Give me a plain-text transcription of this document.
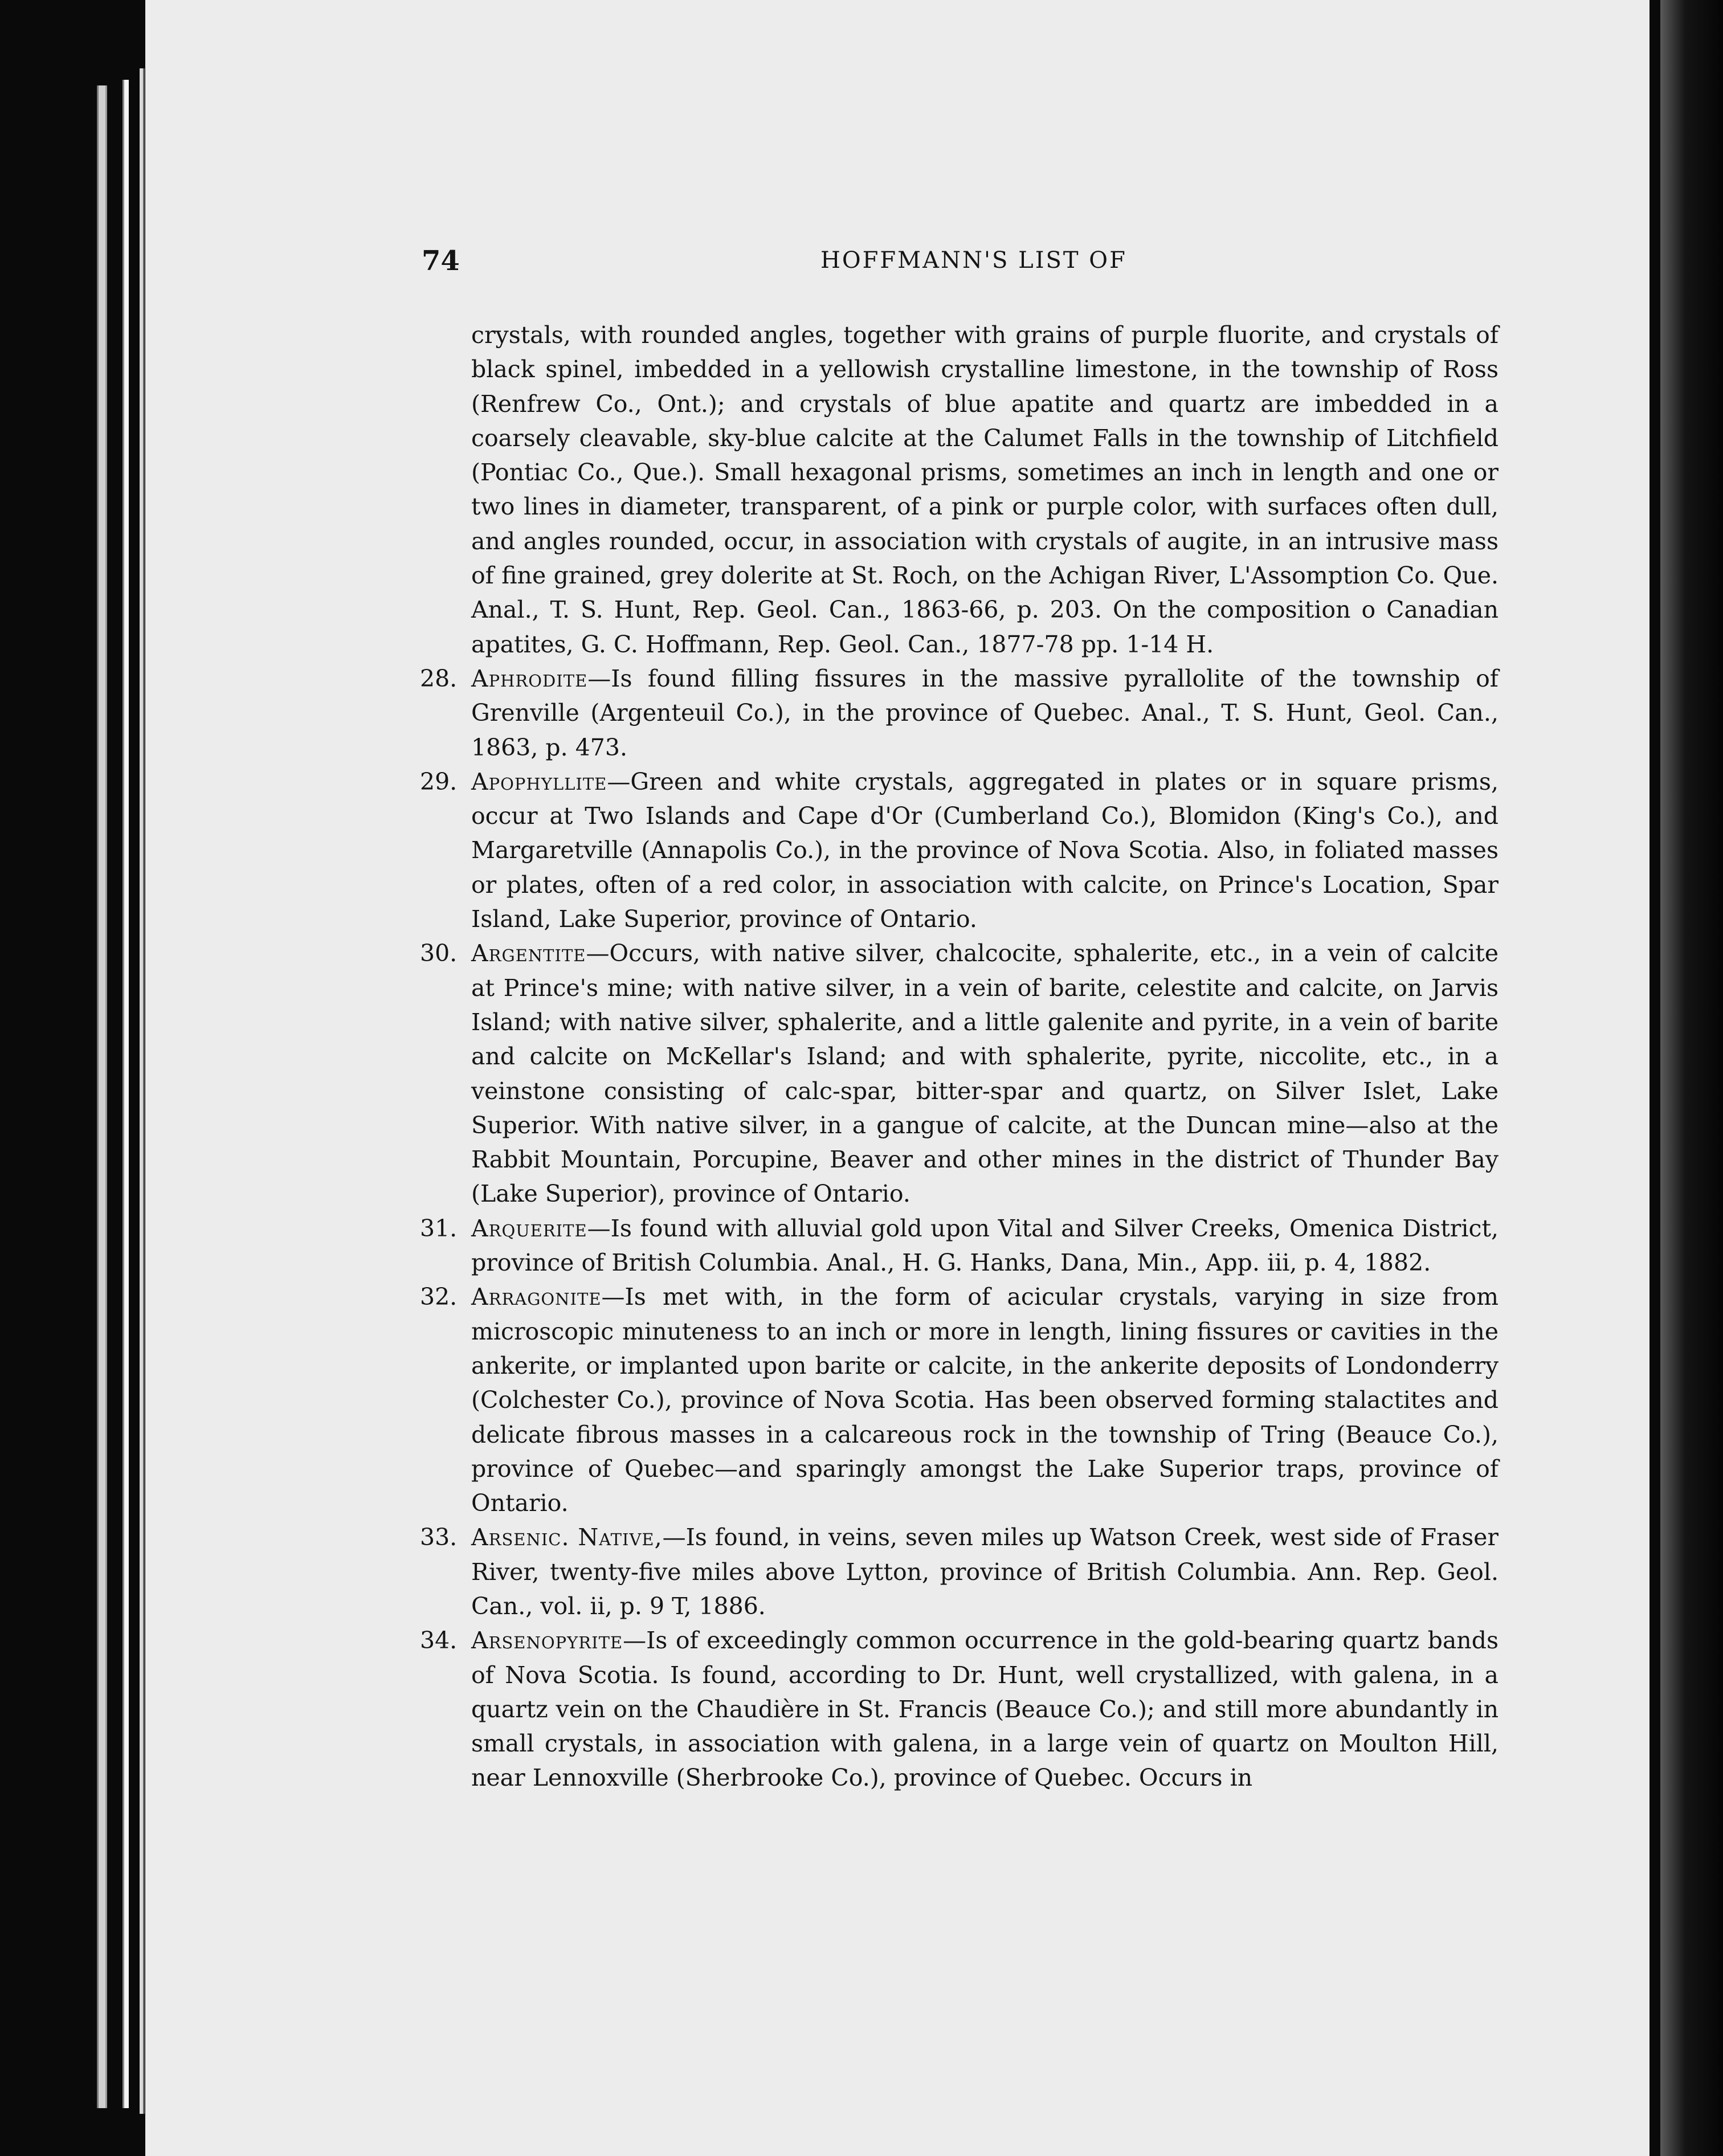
74	HOFFMANN'S LIST OF

crystals, with rounded angles, together with grains of purple fluorite, and crystals of black spinel, imbedded in a yellowish crystalline limestone, in the township of Ross (Renfrew Co., Ont.); and crystals of blue apatite and quartz are imbedded in a coarsely cleavable, sky-blue calcite at the Calumet Falls in the township of Litchfield (Pontiac Co., Que.). Small hexagonal prisms, sometimes an inch in length and one or two lines in diameter, transparent, of a pink or purple color, with surfaces often dull, and angles rounded, occur, in association with crystals of augite, in an intrusive mass of fine grained, grey dolerite at St. Roch, on the Achigan River, L'Assomption Co. Que. Anal., T. S. Hunt, Rep. Geol. Can., 1863-66, p. 203. On the composition o Canadian apatites, G. C. Hoffmann, Rep. Geol. Can., 1877-78 pp. 1-14 H.

28. Aphrodite—Is found filling fissures in the massive pyrallolite of the township of Grenville (Argenteuil Co.), in the province of Quebec. Anal., T. S. Hunt, Geol. Can., 1863, p. 473.

29. Apophyllite—Green and white crystals, aggregated in plates or in square prisms, occur at Two Islands and Cape d'Or (Cumberland Co.), Blomidon (King's Co.), and Margaretville (Annapolis Co.), in the province of Nova Scotia. Also, in foliated masses or plates, often of a red color, in association with calcite, on Prince's Location, Spar Island, Lake Superior, province of Ontario.

30. Argentite—Occurs, with native silver, chalcocite, sphalerite, etc., in a vein of calcite at Prince's mine; with native silver, in a vein of barite, celestite and calcite, on Jarvis Island; with native silver, sphalerite, and a little galenite and pyrite, in a vein of barite and calcite on McKellar's Island; and with sphalerite, pyrite, niccolite, etc., in a veinstone consisting of calc-spar, bitter-spar and quartz, on Silver Islet, Lake Superior. With native silver, in a gangue of calcite, at the Duncan mine—also at the Rabbit Mountain, Porcupine, Beaver and other mines in the district of Thunder Bay (Lake Superior), province of Ontario.

31. Arquerite—Is found with alluvial gold upon Vital and Silver Creeks, Omenica District, province of British Columbia. Anal., H. G. Hanks, Dana, Min., App. iii, p. 4, 1882.

32. Arragonite—Is met with, in the form of acicular crystals, varying in size from microscopic minuteness to an inch or more in length, lining fissures or cavities in the ankerite, or implanted upon barite or calcite, in the ankerite deposits of Londonderry (Colchester Co.), province of Nova Scotia. Has been observed forming stalactites and delicate fibrous masses in a calcareous rock in the township of Tring (Beauce Co.), province of Quebec—and sparingly amongst the Lake Superior traps, province of Ontario.

33. Arsenic. Native,—Is found, in veins, seven miles up Watson Creek, west side of Fraser River, twenty-five miles above Lytton, province of British Columbia. Ann. Rep. Geol. Can., vol. ii, p. 9 T, 1886.

34. Arsenopyrite—Is of exceedingly common occurrence in the gold-bearing quartz bands of Nova Scotia. Is found, according to Dr. Hunt, well crystallized, with galena, in a quartz vein on the Chaudière in St. Francis (Beauce Co.); and still more abundantly in small crystals, in association with galena, in a large vein of quartz on Moulton Hill, near Lennoxville (Sherbrooke Co.), province of Quebec. Occurs in
